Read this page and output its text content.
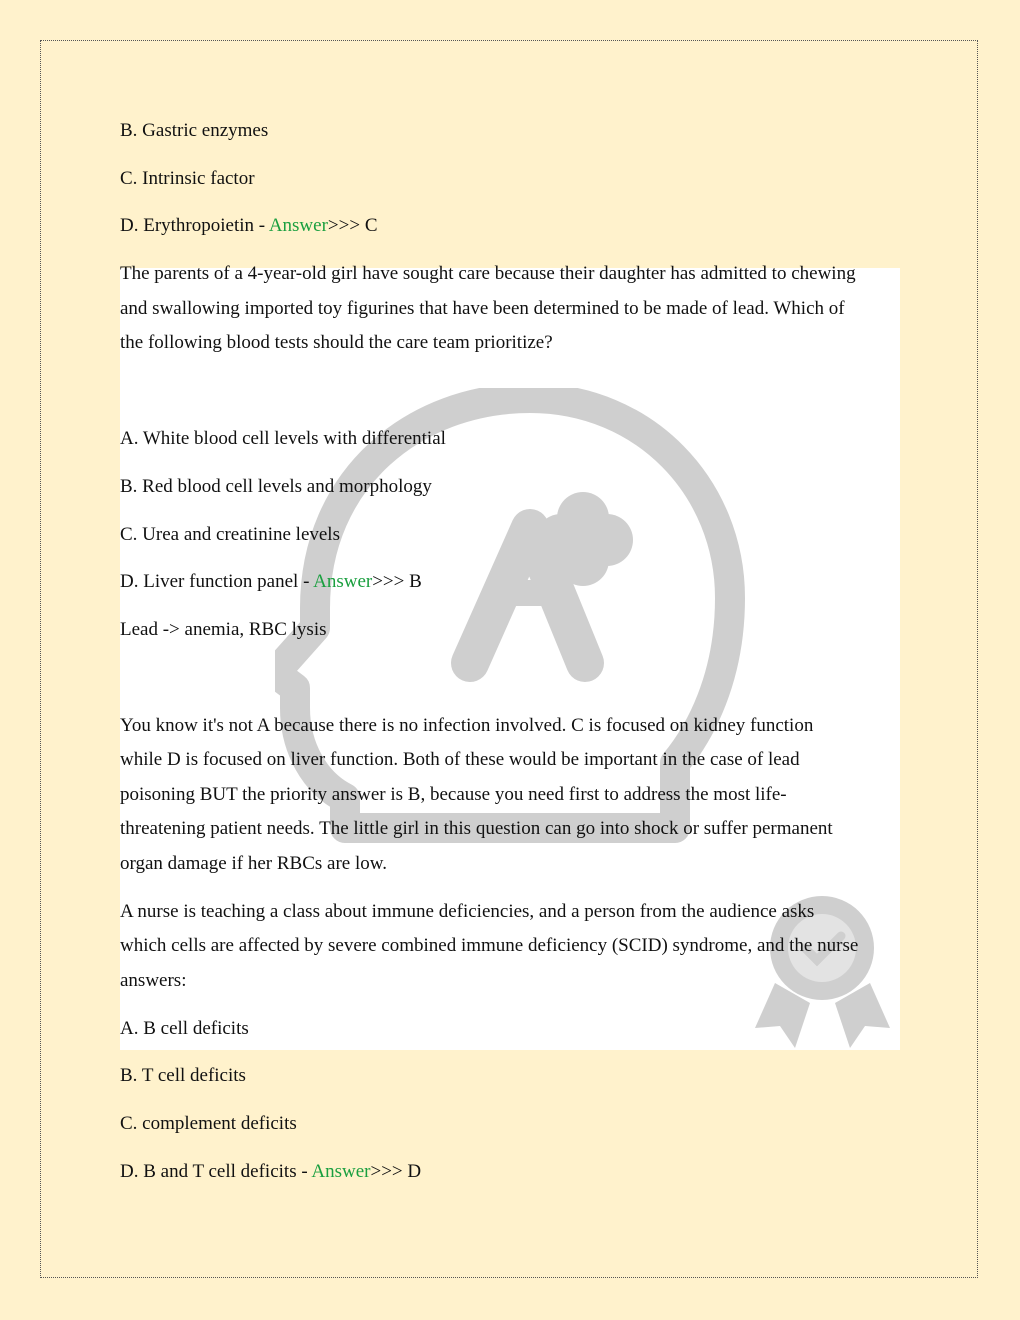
B. Gastric enzymes
C. Intrinsic factor
D. Erythropoietin - Answer>>> C
The parents of a 4-year-old girl have sought care because their daughter has admitted to chewing
and swallowing imported toy figurines that have been determined to be made of lead. Which of
the following blood tests should the care team prioritize?
A. White blood cell levels with differential
B. Red blood cell levels and morphology
C. Urea and creatinine levels
D. Liver function panel - Answer>>> B
Lead -> anemia, RBC lysis
You know it's not A because there is no infection involved. C is focused on kidney function
while D is focused on liver function. Both of these would be important in the case of lead
poisoning BUT the priority answer is B, because you need first to address the most life-
threatening patient needs. The little girl in this question can go into shock or suffer permanent
organ damage if her RBCs are low.
A nurse is teaching a class about immune deficiencies, and a person from the audience asks
which cells are affected by severe combined immune deficiency (SCID) syndrome, and the nurse
answers:
A. B cell deficits
B. T cell deficits
C. complement deficits
D. B and T cell deficits - Answer>>> D
